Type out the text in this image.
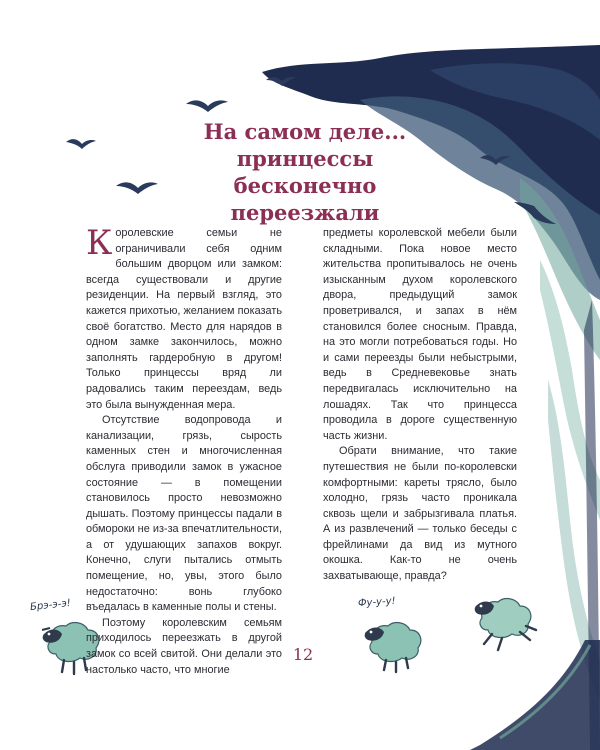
На самом деле...
принцессы бесконечно
переезжали

Королевские семьи не ограничивали себя одним большим дворцом или замком: всегда существовали и другие резиденции. На первый взгляд, это кажется прихотью, желанием показать своё богатство. Место для нарядов в одном замке закончилось, можно заполнять гардеробную в другом! Только принцессы вряд ли радовались таким переездам, ведь это была вынужденная мера.

Отсутствие водопровода и канализации, грязь, сырость каменных стен и многочисленная обслуга приводили замок в ужасное состояние — в помещении становилось просто невозможно дышать. Поэтому принцессы падали в обмороки не из-за впечатлительности, а от удушающих запахов вокруг. Конечно, слуги пытались отмыть помещение, но, увы, этого было недостаточно: вонь глубоко въедалась в каменные полы и стены.

Поэтому королевским семьям приходилось переезжать в другой замок со всей свитой. Они делали это настолько часто, что многие

предметы королевской мебели были складными. Пока новое место жительства пропитывалось не очень изысканным духом королевского двора, предыдущий замок проветривался, и запах в нём становился более сносным. Правда, на это могли потребоваться годы. Но и сами переезды были небыстрыми, ведь в Средневековье знать передвигалась исключительно на лошадях. Так что принцесса проводила в дороге существенную часть жизни.

Обрати внимание, что такие путешествия не были по-королевски комфортными: кареты трясло, было холодно, грязь часто проникала сквозь щели и забрызгивала платья. А из развлечений — только беседы с фрейлинами да вид из мутного окошка. Как-то не очень захватывающе, правда?

Брэ-э-э!	Фу-у-у!
12
